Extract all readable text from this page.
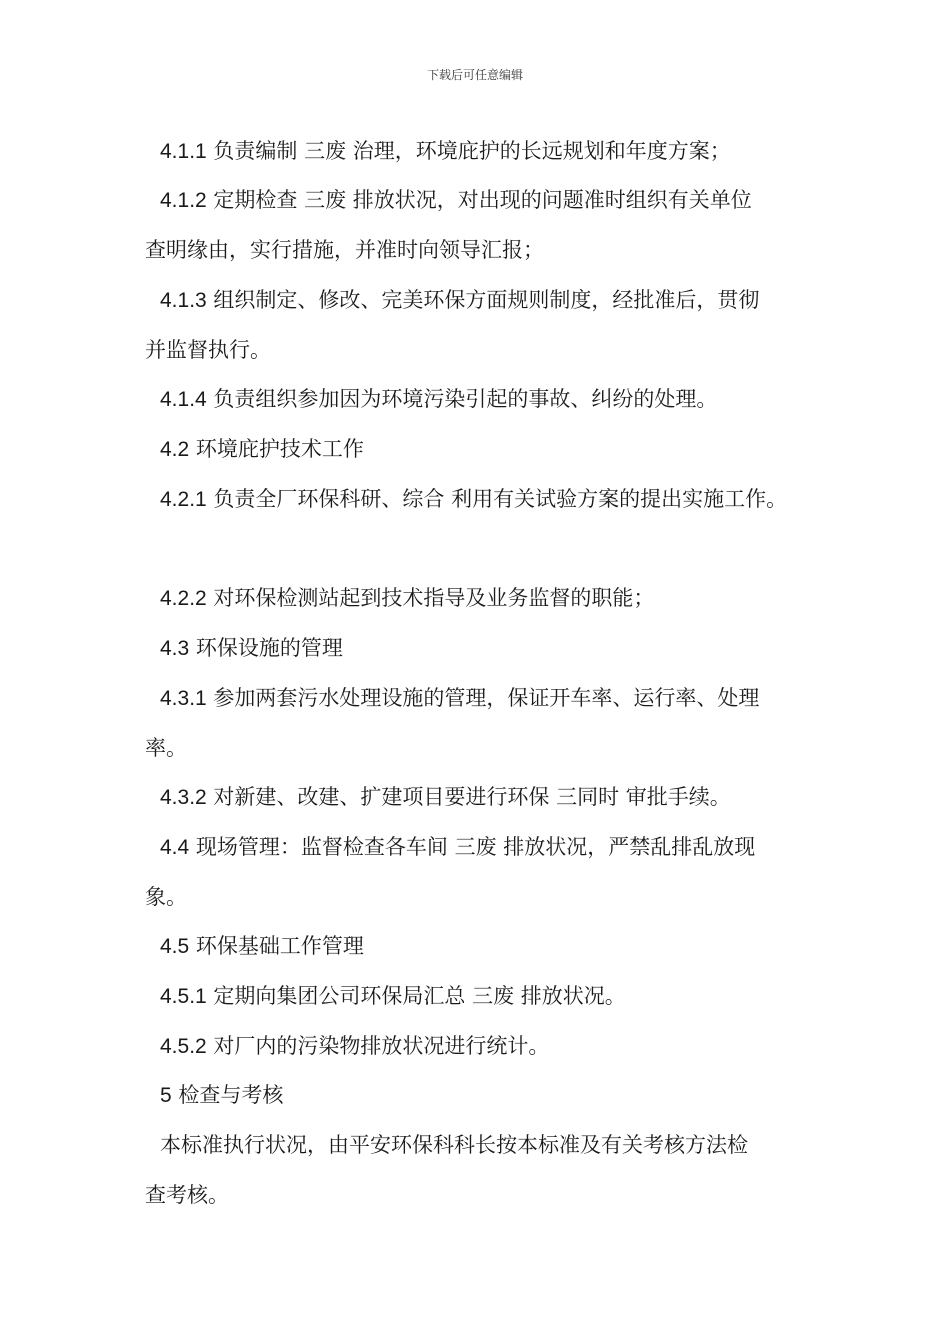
下载后可任意编辑
4.1.1 负责编制 三废 治理，环境庇护的长远规划和年度方案；
4.1.2 定期检查 三废 排放状况，对出现的问题准时组织有关单位
查明缘由，实行措施，并准时向领导汇报；
4.1.3 组织制定、修改、完美环保方面规则制度，经批准后，贯彻
并监督执行。
4.1.4 负责组织参加因为环境污染引起的事故、纠纷的处理。
4.2 环境庇护技术工作
4.2.1 负责全厂环保科研、综合 利用有关试验方案的提出实施工作。
4.2.2 对环保检测站起到技术指导及业务监督的职能；
4.3 环保设施的管理
4.3.1 参加两套污水处理设施的管理，保证开车率、运行率、处理
率。
4.3.2 对新建、改建、扩建项目要进行环保 三同时 审批手续。
4.4 现场管理：监督检查各车间 三废 排放状况，严禁乱排乱放现
象。
4.5 环保基础工作管理
4.5.1 定期向集团公司环保局汇总 三废 排放状况。
4.5.2 对厂内的污染物排放状况进行统计。
5 检查与考核
本标准执行状况，由平安环保科科长按本标准及有关考核方法检
查考核。
